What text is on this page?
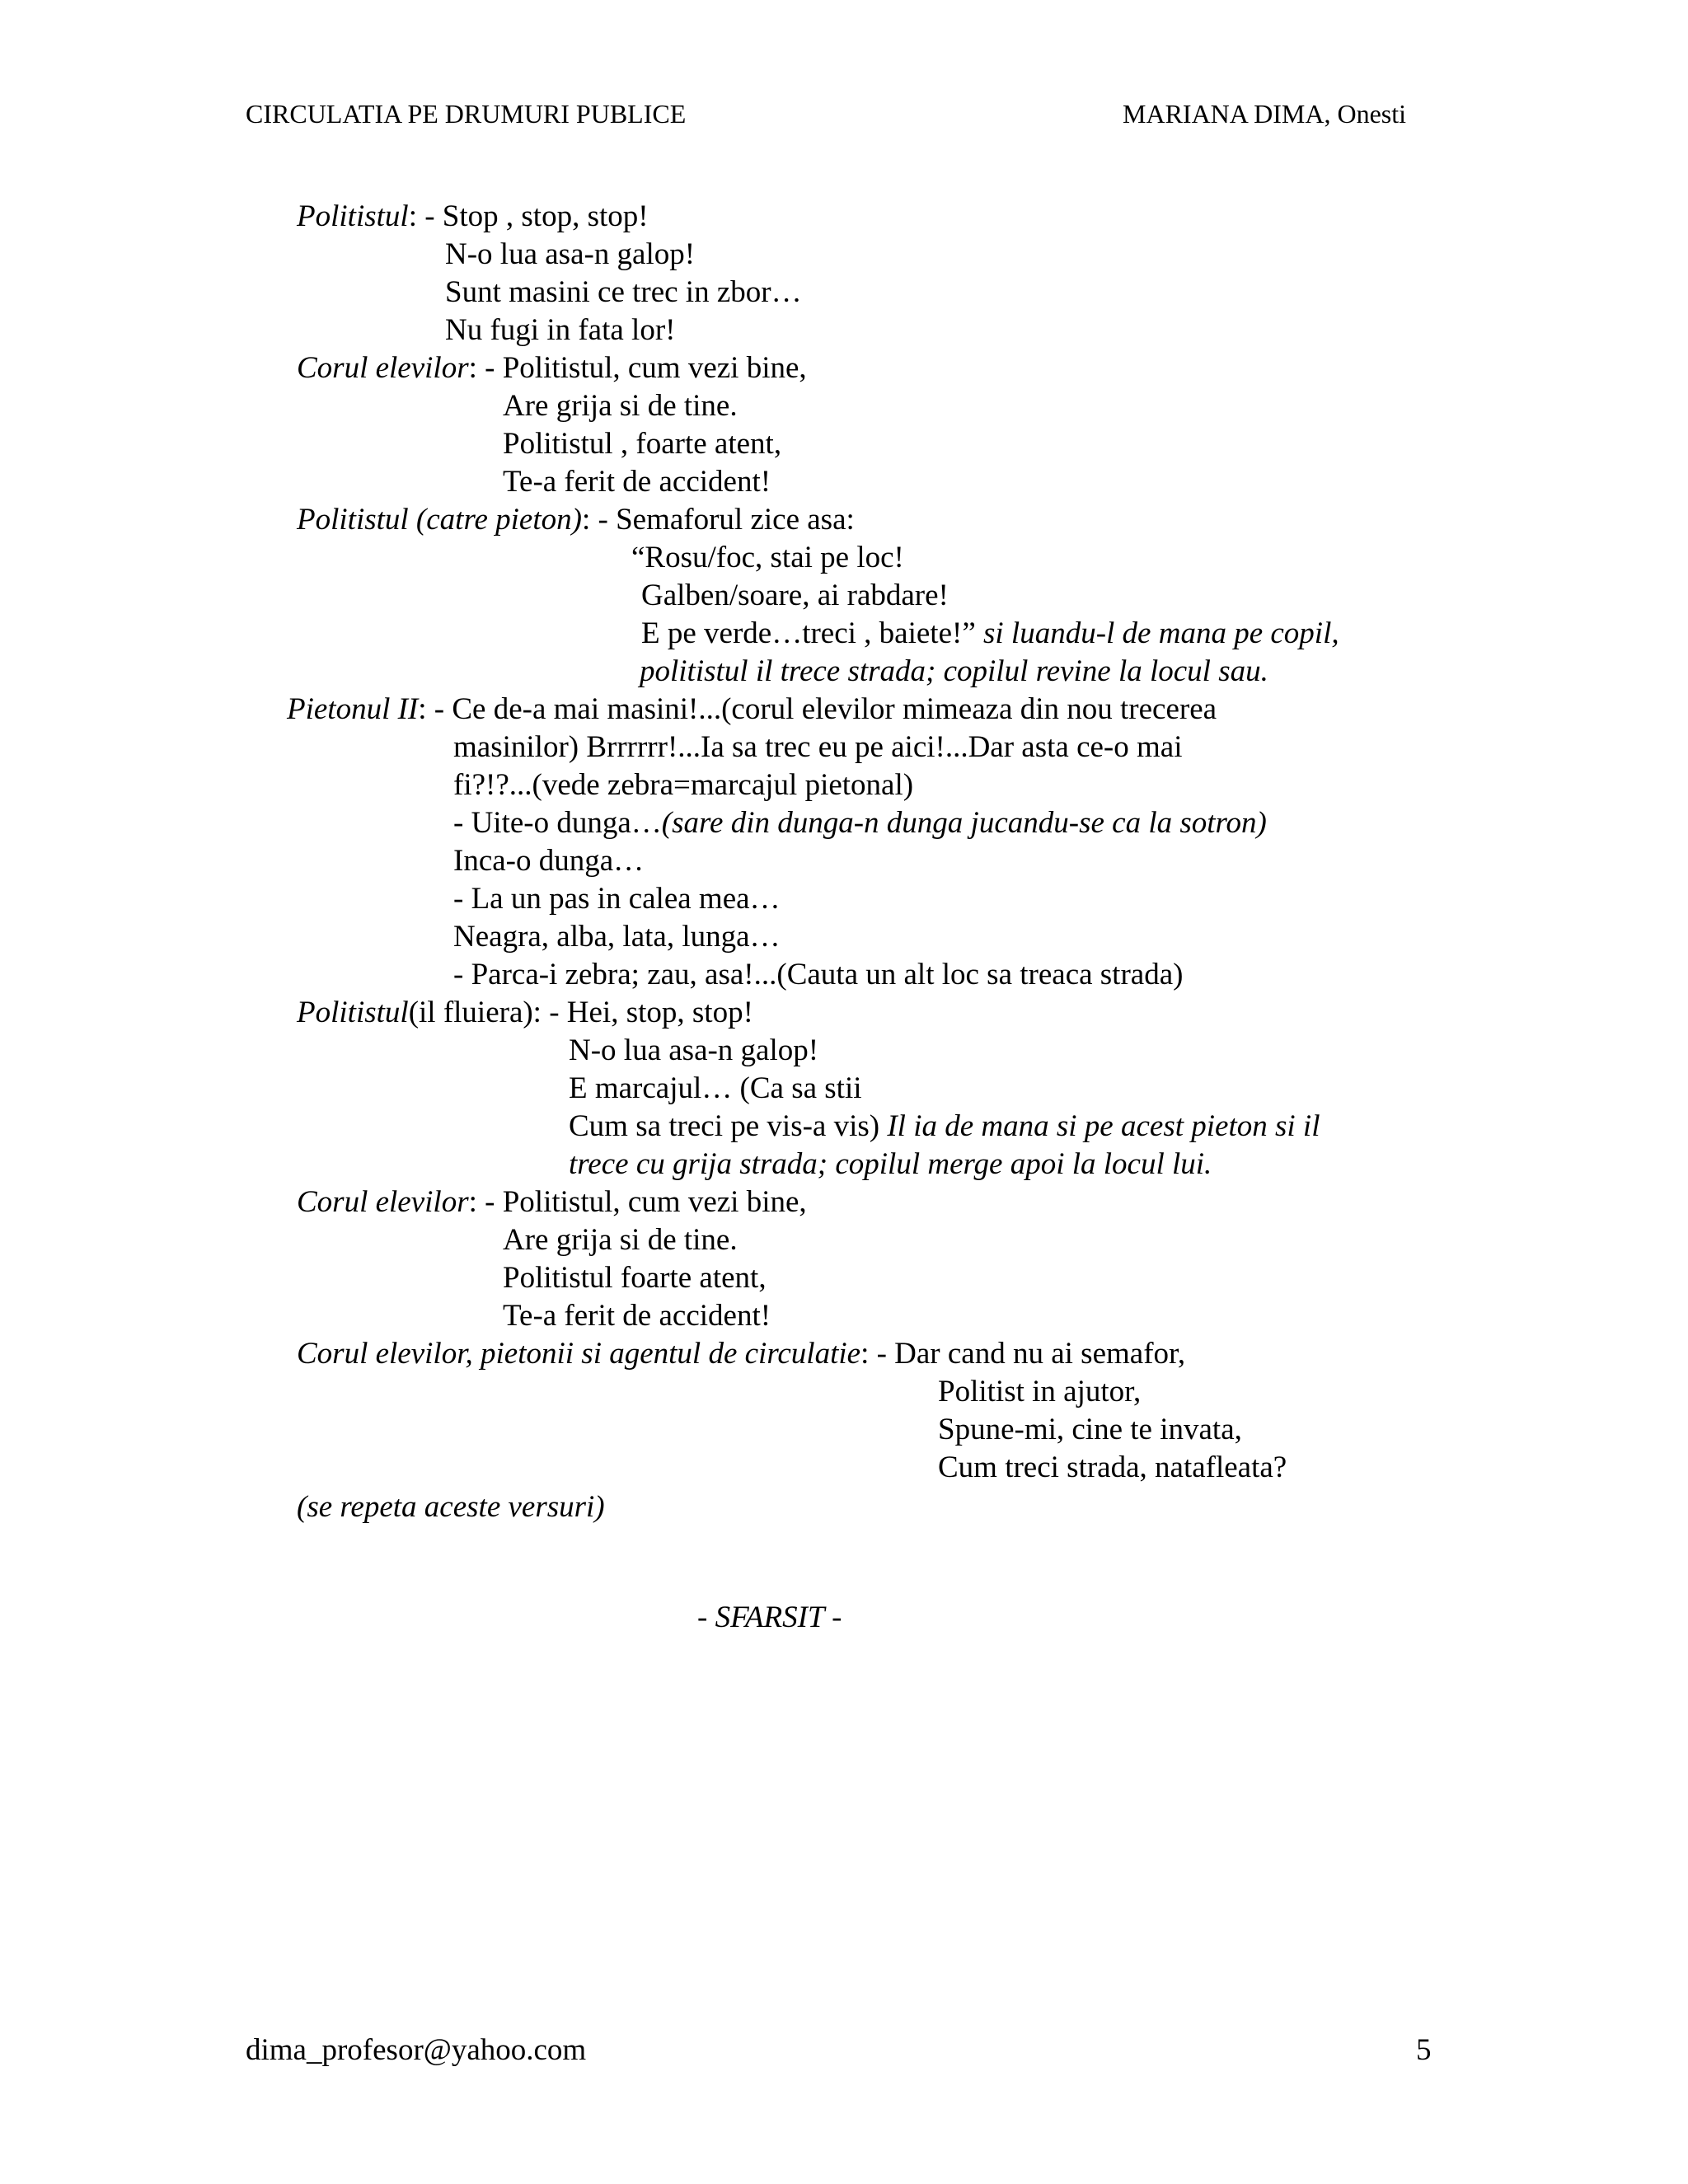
CIRCULATIA PE DRUMURI PUBLICE	MARIANA DIMA, Onesti
Politistul: - Stop , stop, stop!
N-o lua asa-n galop!
Sunt masini ce trec in zbor…
Nu fugi in fata lor!
Corul elevilor: - Politistul, cum vezi bine,
Are grija si de tine.
Politistul , foarte atent,
Te-a ferit de accident!
Politistul (catre pieton): - Semaforul zice asa:
“Rosu/foc, stai pe loc!
Galben/soare, ai rabdare!
E pe verde…treci , baiete!” si luandu-l de mana pe copil,
politistul il trece strada; copilul revine la locul sau.
Pietonul II: - Ce de-a mai masini!...(corul elevilor mimeaza din nou trecerea
masinilor) Brrrrrr!...Ia sa trec eu pe aici!...Dar asta ce-o mai
fi?!?...(vede zebra=marcajul pietonal)
- Uite-o dunga…(sare din dunga-n dunga jucandu-se ca la sotron)
Inca-o dunga…
- La un pas in calea mea…
Neagra, alba, lata, lunga…
- Parca-i zebra; zau, asa!...(Cauta un alt loc sa treaca strada)
Politistul(il fluiera): - Hei, stop, stop!
N-o lua asa-n galop!
E marcajul… (Ca sa stii
Cum sa treci pe vis-a vis) Il ia de mana si pe acest pieton si il
trece cu grija strada; copilul merge apoi la locul lui.
Corul elevilor: - Politistul, cum vezi bine,
Are grija si de tine.
Politistul foarte atent,
Te-a ferit de accident!
Corul elevilor, pietonii si agentul de circulatie: - Dar cand nu ai semafor,
Politist in ajutor,
Spune-mi, cine te invata,
Cum treci strada, natafleata?
(se repeta aceste versuri)
- SFARSIT -
dima_profesor@yahoo.com	5
